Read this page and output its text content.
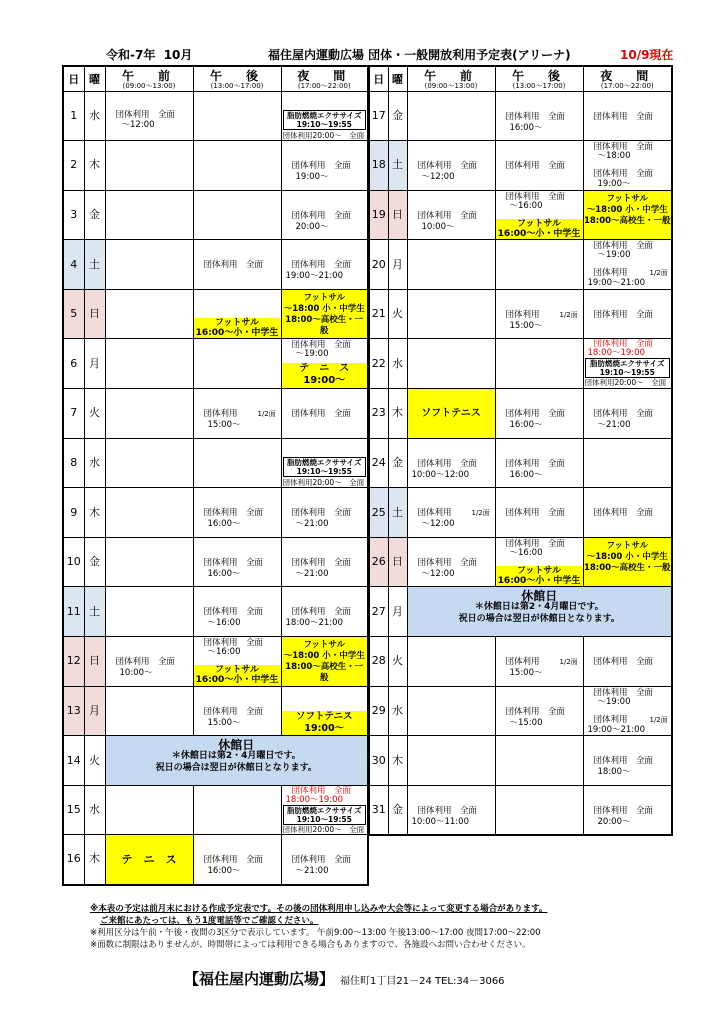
令和-7年 10月	福住屋内運動広場 団体・一般開放利用予定表(アリーナ)	10/9現在
日	曜	午　前
(09:00～13:00)	午　後
(13:00～17:00)	夜　間
(17:00～22:00)

1	水	団体利用　全面
～12:00		脂肪燃焼エクササイズ
19:10～19:55
団体利用20:00～　全面

2	木			団体利用　全面
19:00～

3	金			団体利用　全面
20:00～

4	土		団体利用　全面	団体利用　全面
19:00～21:00

5	日		フットサル
16:00～小・中学生	フットサル
～18:00 小・中学生
18:00～高校生・一般

6	月			団体利用　全面
～19:00
テ　ニ　ス
19:00～

7	火		団体利用 1/2面
15:00～	団体利用　全面

8	水			脂肪燃焼エクササイズ
19:10～19:55
団体利用20:00～　全面

9	木		団体利用　全面
16:00～	団体利用　全面
～21:00

10	金		団体利用　全面
16:00～	団体利用　全面
～21:00

11	土		団体利用　全面
～16:00	団体利用　全面
18:00～21:00

12	日	団体利用　全面
10:00～	団体利用　全面
～16:00
フットサル
16:00～小・中学生	フットサル
～18:00 小・中学生
18:00～高校生・一般

13	月		団体利用　全面
15:00～	ソフトテニス
19:00～

14	火	休館日
＊休館日は第2・4月曜日です。
祝日の場合は翌日が休館日となります。		

15	水			団体利用　全面
18:00～19:00
脂肪燃焼エクササイズ
19:10～19:55
団体利用20:00～　全面

16	木	テ　ニ　ス	団体利用　全面
16:00～	団体利用　全面
～21:00
日	曜	午　前
(09:00～13:00)	午　後
(13:00～17:00)	夜　間
(17:00～22:00)

17	金		団体利用　全面
16:00～	団体利用　全面

18	土	団体利用　全面
～12:00	団体利用　全面	団体利用　全面
～18:00
団体利用　全面
19:00～

19	日	団体利用　全面
10:00～	団体利用　全面
～16:00
フットサル
16:00～小・中学生	フットサル
～18:00 小・中学生
18:00～高校生・一般

20	月			団体利用　全面
～19:00
団体利用 1/2面
19:00～21:00

21	火		団体利用 1/2面
15:00～	団体利用　全面

22	水			団体利用　全面
18:00～19:00
脂肪燃焼エクササイズ
19:10～19:55
団体利用20:00～　全面

23	木	ソフトテニス	団体利用　全面
16:00～	団体利用　全面
～21:00

24	金	団体利用　全面
10:00～12:00	団体利用　全面
16:00～	

25	土	団体利用 1/2面
～12:00	団体利用　全面	団体利用　全面

26	日	団体利用　全面
～12:00	団体利用　全面
～16:00
フットサル
16:00～小・中学生	フットサル
～18:00 小・中学生
18:00～高校生・一般

27	月	休館日
＊休館日は第2・4月曜日です。
祝日の場合は翌日が休館日となります。		

28	火		団体利用 1/2面
15:00～	団体利用　全面

29	水		団体利用　全面
～15:00	団体利用　全面
～19:00
団体利用 1/2面
19:00～21:00

30	木			団体利用　全面
18:00～

31	金	団体利用　全面
10:00～11:00		団体利用　全面
20:00～
※本表の予定は前月末における作成予定表です。その後の団体利用申し込みや大会等によって変更する場合があります。
ご来館にあたっては、もう1度電話等でご確認ください。
※利用区分は午前・午後・夜間の3区分で表示しています。 午前9:00～13:00 午後13:00～17:00 夜間17:00～22:00
※面数に制限はありませんが、時間帯によっては利用できる場合もありますので、各施設へお問い合わせください。
【福住屋内運動広場】 福住町1丁目21－24 TEL:34－3066
